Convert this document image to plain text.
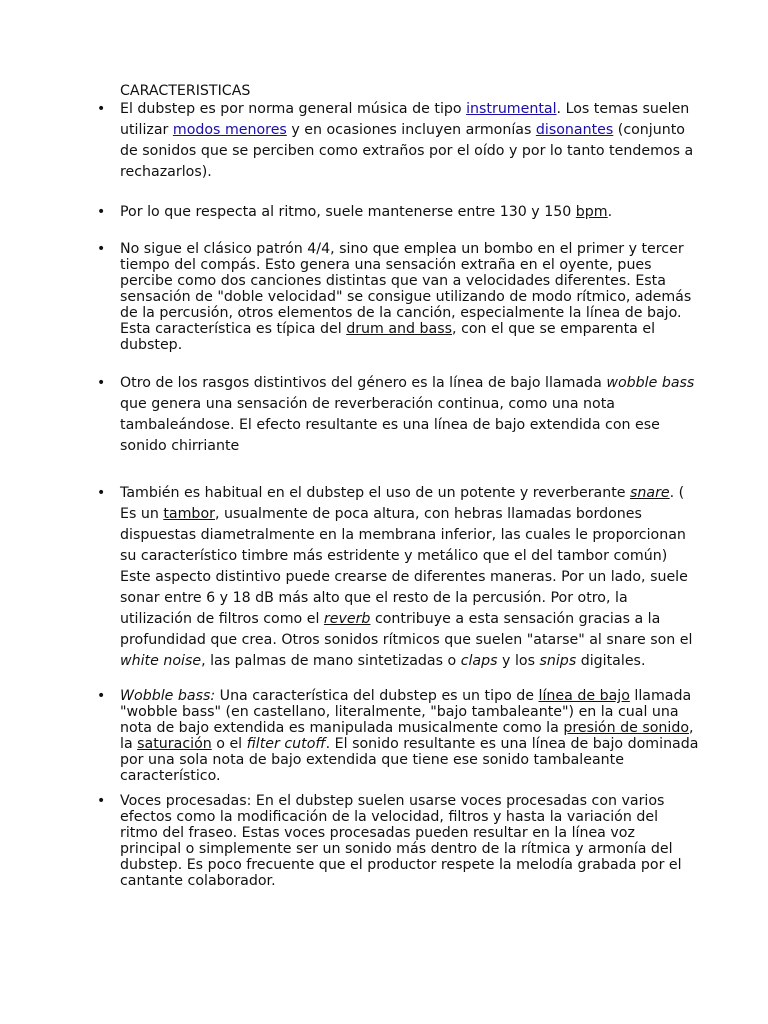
CARACTERISTICAS
• El dubstep es por norma general música de tipo instrumental. Los temas suelen utilizar modos menores y en ocasiones incluyen armonías disonantes (conjunto de sonidos que se perciben como extraños por el oído y por lo tanto tendemos a rechazarlos).
• Por lo que respecta al ritmo, suele mantenerse entre 130 y 150 bpm.
• No sigue el clásico patrón 4/4, sino que emplea un bombo en el primer y tercer tiempo del compás. Esto genera una sensación extraña en el oyente, pues percibe como dos canciones distintas que van a velocidades diferentes. Esta sensación de "doble velocidad" se consigue utilizando de modo rítmico, además de la percusión, otros elementos de la canción, especialmente la línea de bajo. Esta característica es típica del drum and bass, con el que se emparenta el dubstep.
• Otro de los rasgos distintivos del género es la línea de bajo llamada wobble bass que genera una sensación de reverberación continua, como una nota tambaleándose. El efecto resultante es una línea de bajo extendida con ese sonido chirriante
• También es habitual en el dubstep el uso de un potente y reverberante snare. ( Es un tambor, usualmente de poca altura, con hebras llamadas bordones dispuestas diametralmente en la membrana inferior, las cuales le proporcionan su característico timbre más estridente y metálico que el del tambor común) Este aspecto distintivo puede crearse de diferentes maneras. Por un lado, suele sonar entre 6 y 18 dB más alto que el resto de la percusión. Por otro, la utilización de filtros como el reverb contribuye a esta sensación gracias a la profundidad que crea. Otros sonidos rítmicos que suelen "atarse" al snare son el white noise, las palmas de mano sintetizadas o claps y los snips digitales.
• Wobble bass: Una característica del dubstep es un tipo de línea de bajo llamada "wobble bass" (en castellano, literalmente, "bajo tambaleante") en la cual una nota de bajo extendida es manipulada musicalmente como la presión de sonido, la saturación o el filter cutoff. El sonido resultante es una línea de bajo dominada por una sola nota de bajo extendida que tiene ese sonido tambaleante característico.
• Voces procesadas: En el dubstep suelen usarse voces procesadas con varios efectos como la modificación de la velocidad, filtros y hasta la variación del ritmo del fraseo. Estas voces procesadas pueden resultar en la línea voz principal o simplemente ser un sonido más dentro de la rítmica y armonía del dubstep. Es poco frecuente que el productor respete la melodía grabada por el cantante colaborador.
